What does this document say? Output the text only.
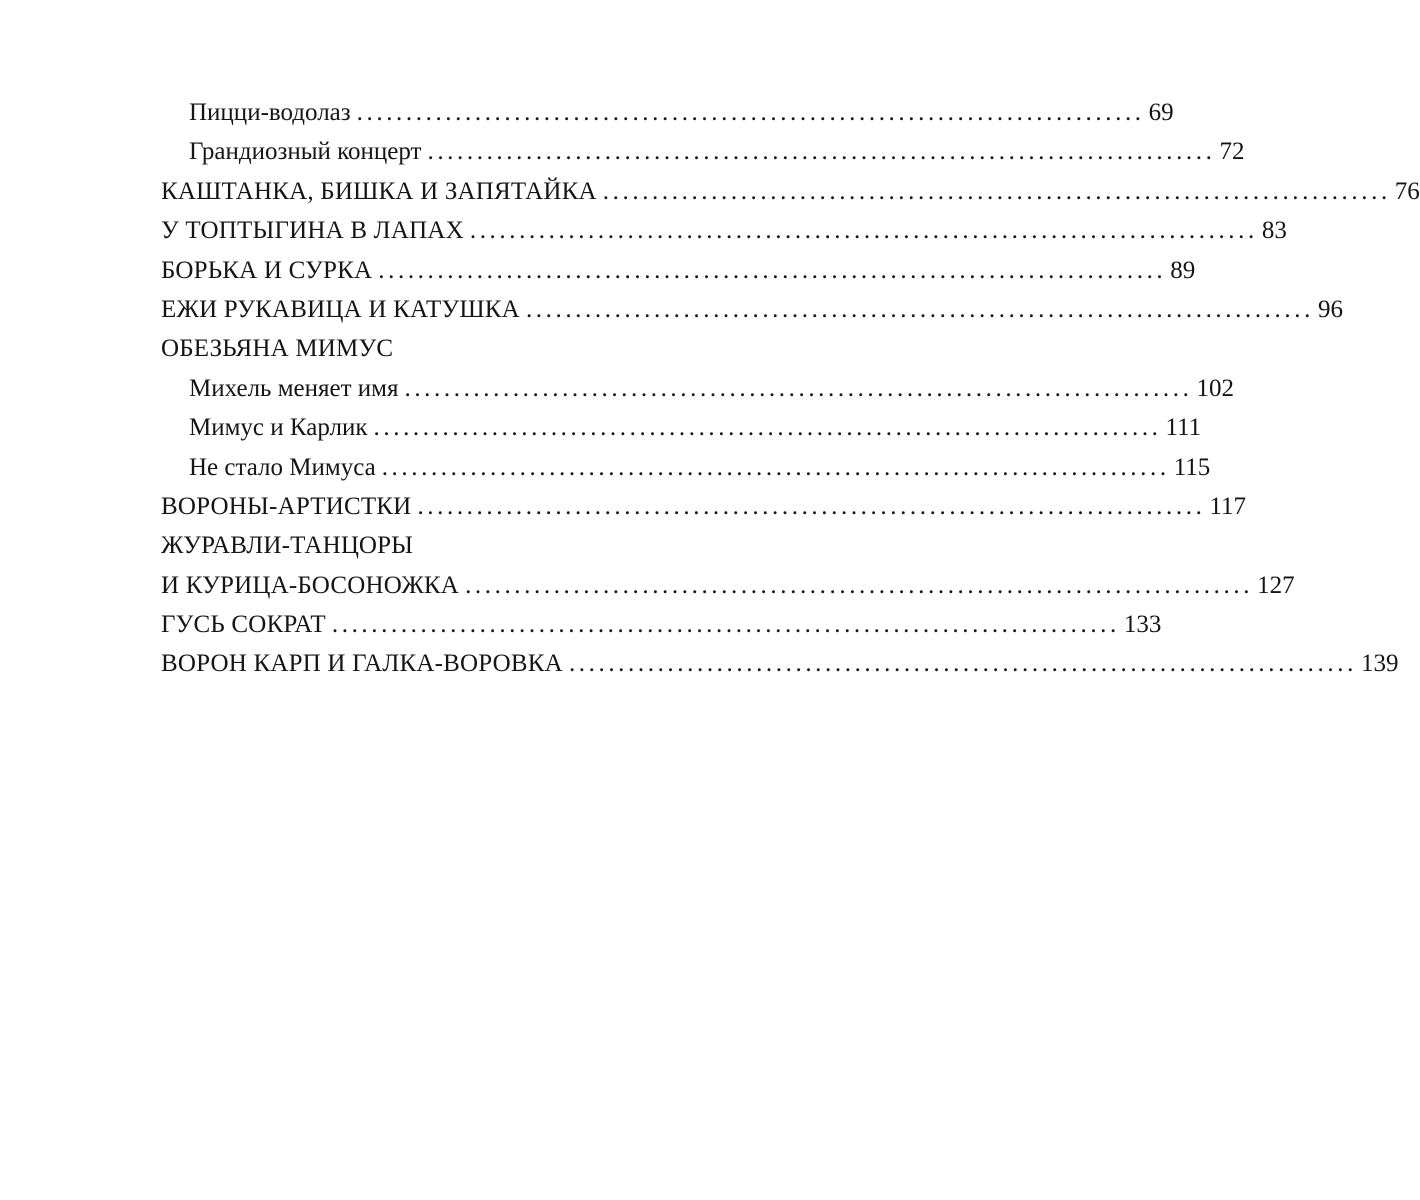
Пицци-водолаз ................................................................................ 69
Грандиозный концерт ................................................................................ 72
КАШТАНКА, БИШКА И ЗАПЯТАЙКА ................................................................................ 76
У ТОПТЫГИНА В ЛАПАХ ................................................................................ 83
БОРЬКА И СУРКА ................................................................................ 89
ЕЖИ РУКАВИЦА И КАТУШКА ................................................................................ 96
ОБЕЗЬЯНА МИМУС
Михель меняет имя ................................................................................ 102
Мимус и Карлик ................................................................................ 111
Не стало Мимуса ................................................................................ 115
ВОРОНЫ-АРТИСТКИ ................................................................................ 117
ЖУРАВЛИ-ТАНЦОРЫ
И КУРИЦА-БОСОНОЖКА ................................................................................ 127
ГУСЬ СОКРАТ ................................................................................ 133
ВОРОН КАРП И ГАЛКА-ВОРОВКА ................................................................................ 139
